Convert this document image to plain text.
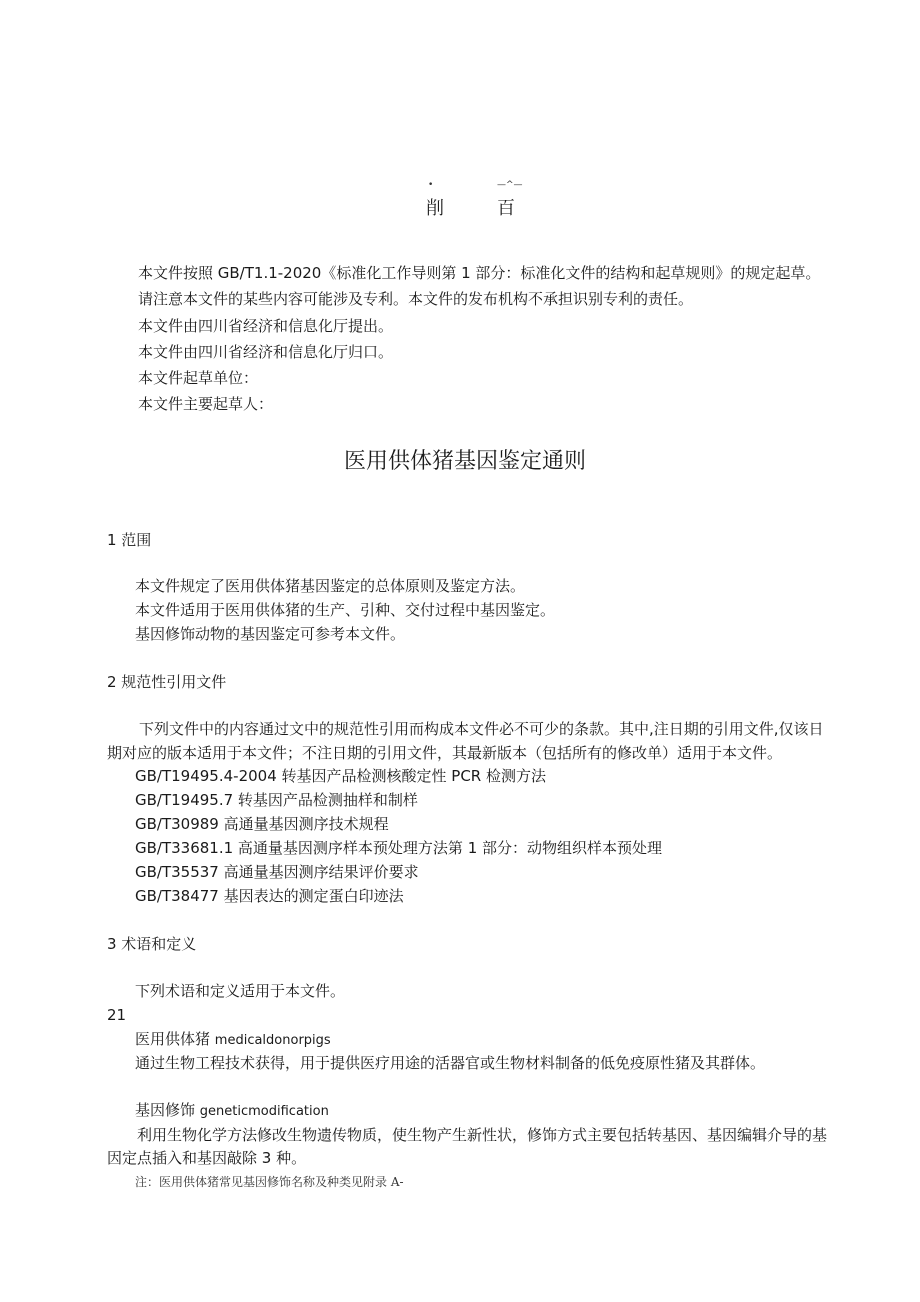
•	—^—
削	百
本文件按照 GB/T1.1-2020《标准化工作导则第 1 部分：标准化文件的结构和起草规则》的规定起草。
请注意本文件的某些内容可能涉及专利。本文件的发布机构不承担识别专利的责任。
本文件由四川省经济和信息化厅提出。
本文件由四川省经济和信息化厅归口。
本文件起草单位：
本文件主要起草人：
医用供体猪基因鉴定通则
1 范围
本文件规定了医用供体猪基因鉴定的总体原则及鉴定方法。
本文件适用于医用供体猪的生产、引种、交付过程中基因鉴定。
基因修饰动物的基因鉴定可参考本文件。
2 规范性引用文件
下列文件中的内容通过文中的规范性引用而构成本文件必不可少的条款。其中,注日期的引用文件,仅该日期对应的版本适用于本文件；不注日期的引用文件，其最新版本（包括所有的修改单）适用于本文件。
GB/T19495.4-2004 转基因产品检测核酸定性 PCR 检测方法
GB/T19495.7 转基因产品检测抽样和制样
GB/T30989 高通量基因测序技术规程
GB/T33681.1 高通量基因测序样本预处理方法第 1 部分：动物组织样本预处理
GB/T35537 高通量基因测序结果评价要求
GB/T38477 基因表达的测定蛋白印迹法
3 术语和定义
下列术语和定义适用于本文件。
21
医用供体猪 medicaldonorpigs
通过生物工程技术获得，用于提供医疗用途的活器官或生物材料制备的低免疫原性猪及其群体。
基因修饰 geneticmodification
利用生物化学方法修改生物遗传物质，使生物产生新性状，修饰方式主要包括转基因、基因编辑介导的基因定点插入和基因敲除 3 种。
注：医用供体猪常见基因修饰名称及种类见附录 A-
